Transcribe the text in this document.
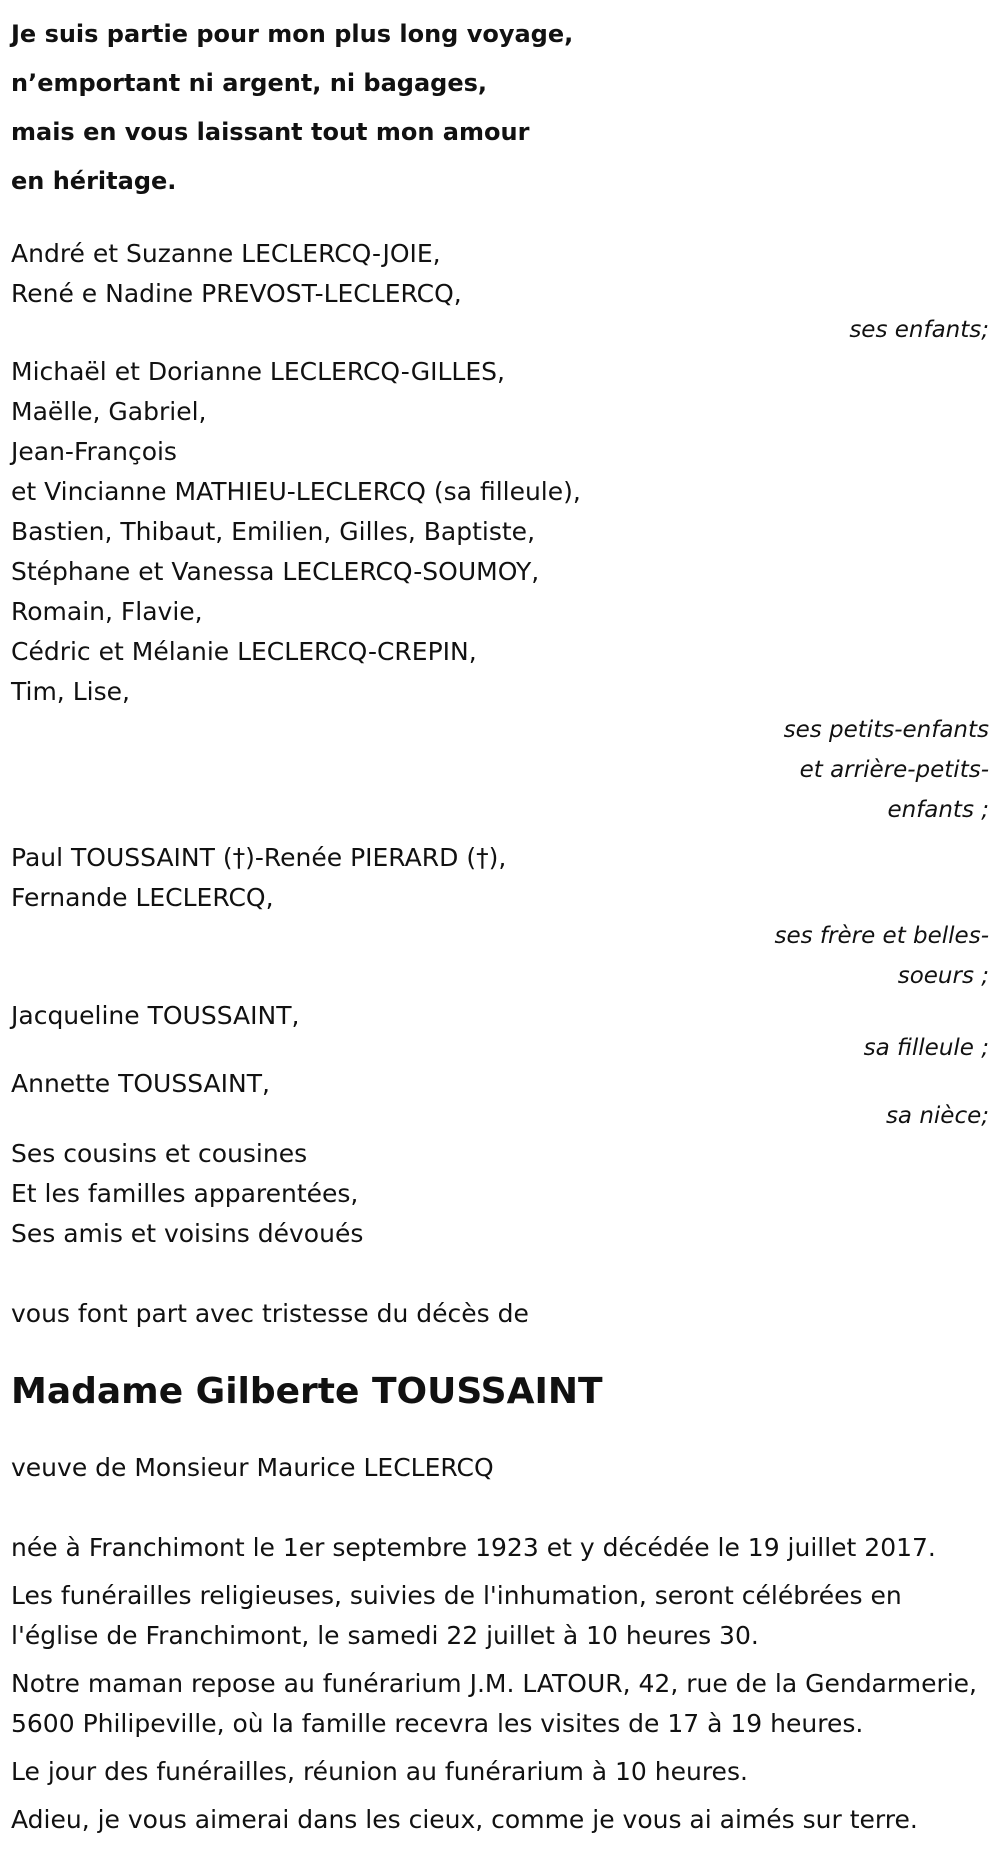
Je suis partie pour mon plus long voyage,

n’emportant ni argent, ni bagages,

mais en vous laissant tout mon amour

en héritage.

André et Suzanne LECLERCQ-JOIE,

René e Nadine PREVOST-LECLERCQ,

ses enfants;

Michaël et Dorianne LECLERCQ-GILLES,

Maëlle, Gabriel,

Jean-François

et Vincianne MATHIEU-LECLERCQ (sa filleule),

Bastien, Thibaut, Emilien, Gilles, Baptiste,

Stéphane et Vanessa LECLERCQ-SOUMOY,

Romain, Flavie,

Cédric et Mélanie LECLERCQ-CREPIN,

Tim, Lise,

ses petits-enfants
et arrière-petits-
enfants ;

Paul TOUSSAINT (†)-Renée PIERARD (†),

Fernande LECLERCQ,

ses frère et belles-
soeurs ;

Jacqueline TOUSSAINT,

sa filleule ;

Annette TOUSSAINT,

sa nièce;

Ses cousins et cousines

Et les familles apparentées,

Ses amis et voisins dévoués

vous font part avec tristesse du décès de

Madame Gilberte TOUSSAINT

veuve de Monsieur Maurice LECLERCQ

née à Franchimont le 1er septembre 1923 et y décédée le 19 juillet 2017.

Les funérailles religieuses, suivies de l'inhumation, seront célébrées en l'église de Franchimont, le samedi 22 juillet à 10 heures 30.

Notre maman repose au funérarium J.M. LATOUR, 42, rue de la Gendarmerie, 5600 Philipeville, où la famille recevra les visites de 17 à 19 heures.

Le jour des funérailles, réunion au funérarium à 10 heures.

Adieu, je vous aimerai dans les cieux, comme je vous ai aimés sur terre.
